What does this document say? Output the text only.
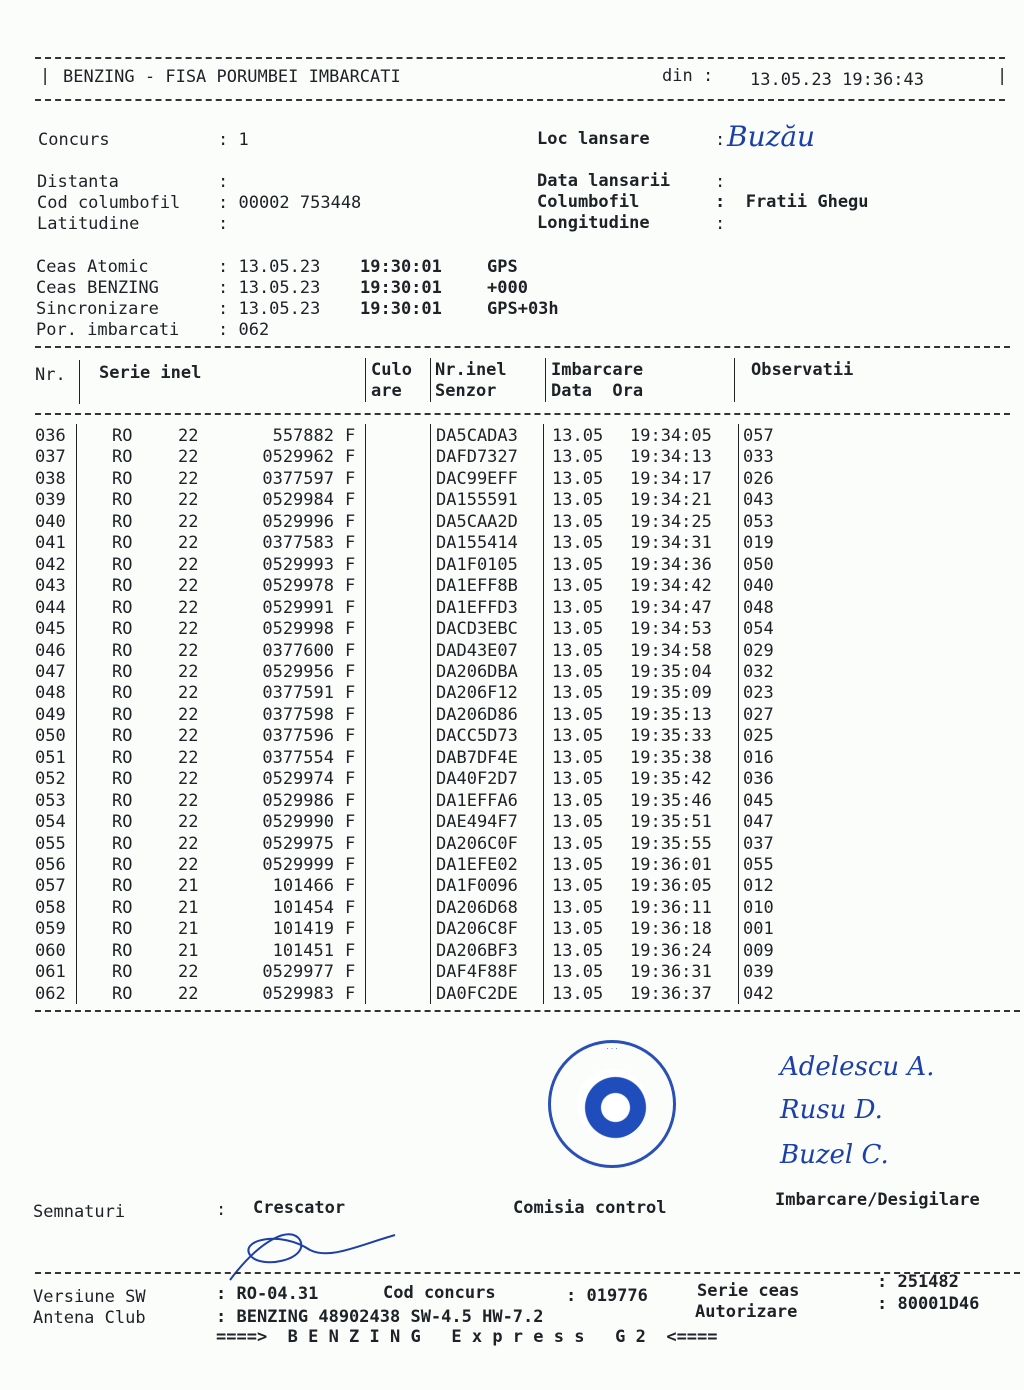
| BENZING - FISA PORUMBEI IMBARCATI	din : 13.05.23 19:36:43	|
Concurs	: 1	Loc lansare	: Buzău
Distanta	:
Cod columbofil : 00002 753448
Latitudine	:
Data lansarii	:
Columbofil	:  Fratii Ghegu
Longitudine	:
Ceas Atomic	: 13.05.23 19:30:01	GPS
Ceas BENZING	: 13.05.23 19:30:01	+000
Sincronizare	: 13.05.23 19:30:01	GPS+03h
Por. imbarcati : 062
Nr. Serie inel	Culo
are
Nr.inel
Senzor
Imbarcare
Data  Ora
Observatii
036	RO	22	557882 F	DA5CADA3 13.05 19:34:05 057
037	RO	22	0529962 F	DAFD7327 13.05 19:34:13 033
038	RO	22	0377597 F	DAC99EFF 13.05 19:34:17 026
039	RO	22	0529984 F	DA155591 13.05 19:34:21 043
040	RO	22	0529996 F	DA5CAA2D 13.05 19:34:25 053
041	RO	22	0377583 F	DA155414 13.05 19:34:31 019
042	RO	22	0529993 F	DA1F0105 13.05 19:34:36 050
043	RO	22	0529978 F	DA1EFF8B 13.05 19:34:42 040
044	RO	22	0529991 F	DA1EFFD3 13.05 19:34:47 048
045	RO	22	0529998 F	DACD3EBC 13.05 19:34:53 054
046	RO	22	0377600 F	DAD43E07 13.05 19:34:58 029
047	RO	22	0529956 F	DA206DBA 13.05 19:35:04 032
048	RO	22	0377591 F	DA206F12 13.05 19:35:09 023
049	RO	22	0377598 F	DA206D86 13.05 19:35:13 027
050	RO	22	0377596 F	DACC5D73 13.05 19:35:33 025
051	RO	22	0377554 F	DAB7DF4E 13.05 19:35:38 016
052	RO	22	0529974 F	DA40F2D7 13.05 19:35:42 036
053	RO	22	0529986 F	DA1EFFA6 13.05 19:35:46 045
054	RO	22	0529990 F	DAE494F7 13.05 19:35:51 047
055	RO	22	0529975 F	DA206C0F 13.05 19:35:55 037
056	RO	22	0529999 F	DA1EFE02 13.05 19:36:01 055
057	RO	21	101466 F	DA1F0096 13.05 19:36:05 012
058	RO	21	101454 F	DA206D68 13.05 19:36:11 010
059	RO	21	101419 F	DA206C8F 13.05 19:36:18 001
060	RO	21	101451 F	DA206BF3 13.05 19:36:24 009
061	RO	22	0529977 F	DAF4F88F 13.05 19:36:31 039
062	RO	22	0529983 F	DA0FC2DE 13.05 19:36:37 042
· · ·
Adelescu A.
Rusu D.
Buzel C.
Semnaturi	: Crescator	Comisia control	Imbarcare/Desigilare
Versiune SW	: RO-04.31	Cod concurs	: 019776	Serie ceas	: 251482
Antena Club	: BENZING 48902438 SW-4.5 HW-7.2	Autorizare	: 80001D46
====>  B E N Z I N G   E x p r e s s   G 2  <====
